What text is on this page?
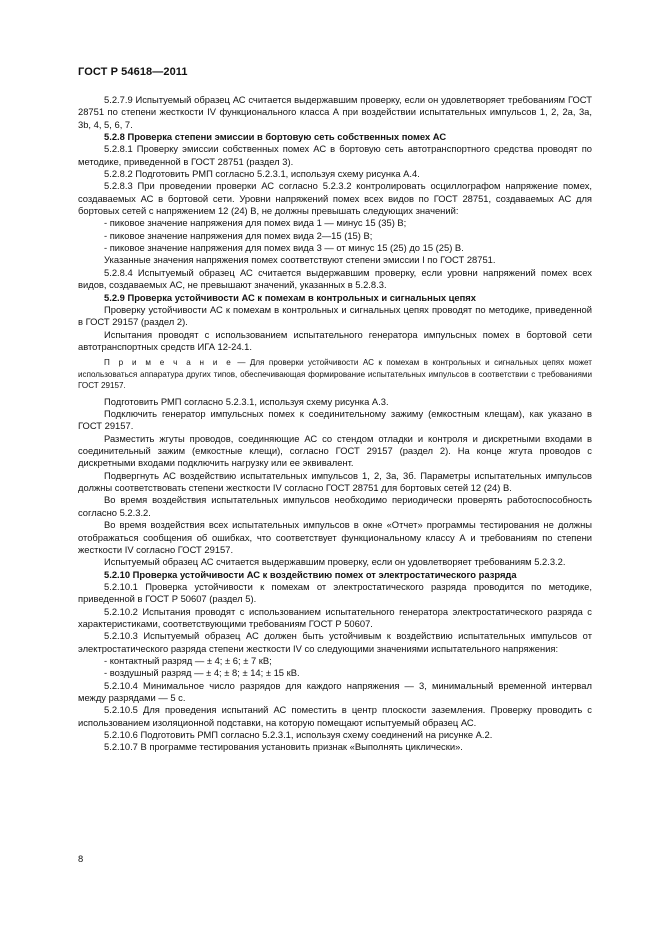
ГОСТ Р 54618—2011

5.2.7.9 Испытуемый образец АС считается выдержавшим проверку, если он удовлетворяет требованиям ГОСТ 28751 по степени жесткости IV функционального класса А при воздействии испытательных импульсов 1, 2, 2а, 3а, 3b, 4, 5, 6, 7.

5.2.8 Проверка степени эмиссии в бортовую сеть собственных помех АС

5.2.8.1 Проверку эмиссии собственных помех АС в бортовую сеть автотранспортного средства проводят по методике, приведенной в ГОСТ 28751 (раздел 3).

5.2.8.2 Подготовить РМП согласно 5.2.3.1, используя схему рисунка А.4.

5.2.8.3 При проведении проверки АС согласно 5.2.3.2 контролировать осциллографом напряжение помех, создаваемых АС в бортовой сети. Уровни напряжений помех всех видов по ГОСТ 28751, создаваемых АС для бортовых сетей с напряжением 12 (24) В, не должны превышать следующих значений:

- пиковое значение напряжения для помех вида 1 — минус 15 (35) В;

- пиковое значение напряжения для помех вида 2—15 (15) В;

- пиковое значение напряжения для помех вида 3 — от минус 15 (25) до 15 (25) В.

Указанные значения напряжения помех соответствуют степени эмиссии I по ГОСТ 28751.

5.2.8.4 Испытуемый образец АС считается выдержавшим проверку, если уровни напряжений помех всех видов, создаваемых АС, не превышают значений, указанных в 5.2.8.3.

5.2.9 Проверка устойчивости АС к помехам в контрольных и сигнальных цепях

Проверку устойчивости АС к помехам в контрольных и сигнальных цепях проводят по методике, приведенной в ГОСТ 29157 (раздел 2).

Испытания проводят с использованием испытательного генератора импульсных помех в бортовой сети автотранспортных средств ИГА 12-24.1.

П р и м е ч а н и е — Для проверки устойчивости АС к помехам в контрольных и сигнальных цепях может использоваться аппаратура других типов, обеспечивающая формирование испытательных импульсов в соответствии с требованиями ГОСТ 29157.

Подготовить РМП согласно 5.2.3.1, используя схему рисунка А.3.

Подключить генератор импульсных помех к соединительному зажиму (емкостным клещам), как указано в ГОСТ 29157.

Разместить жгуты проводов, соединяющие АС со стендом отладки и контроля и дискретными входами в соединительный зажим (емкостные клещи), согласно ГОСТ 29157 (раздел 2). На конце жгута проводов с дискретными входами подключить нагрузку или ее эквивалент.

Подвергнуть АС воздействию испытательных импульсов 1, 2, 3а, 3б. Параметры испытательных импульсов должны соответствовать степени жесткости IV согласно ГОСТ 28751 для бортовых сетей 12 (24) В.

Во время воздействия испытательных импульсов необходимо периодически проверять работоспособность согласно 5.2.3.2.

Во время воздействия всех испытательных импульсов в окне «Отчет» программы тестирования не должны отображаться сообщения об ошибках, что соответствует функциональному классу А и требованиям по степени жесткости IV согласно ГОСТ 29157.

Испытуемый образец АС считается выдержавшим проверку, если он удовлетворяет требованиям 5.2.3.2.

5.2.10 Проверка устойчивости АС к воздействию помех от электростатического разряда

5.2.10.1 Проверка устойчивости к помехам от электростатического разряда проводится по методике, приведенной в ГОСТ Р 50607 (раздел 5).

5.2.10.2 Испытания проводят с использованием испытательного генератора электростатического разряда с характеристиками, соответствующими требованиям ГОСТ Р 50607.

5.2.10.3 Испытуемый образец АС должен быть устойчивым к воздействию испытательных импульсов от электростатического разряда степени жесткости IV со следующими значениями испытательного напряжения:

- контактный разряд — ± 4; ± 6; ± 7 кВ;

- воздушный разряд — ± 4; ± 8; ± 14; ± 15 кВ.

5.2.10.4 Минимальное число разрядов для каждого напряжения — 3, минимальный временной интервал между разрядами — 5 с.

5.2.10.5 Для проведения испытаний АС поместить в центр плоскости заземления. Проверку проводить с использованием изоляционной подставки, на которую помещают испытуемый образец АС.

5.2.10.6 Подготовить РМП согласно 5.2.3.1, используя схему соединений на рисунке А.2.

5.2.10.7 В программе тестирования установить признак «Выполнять циклически».

8
